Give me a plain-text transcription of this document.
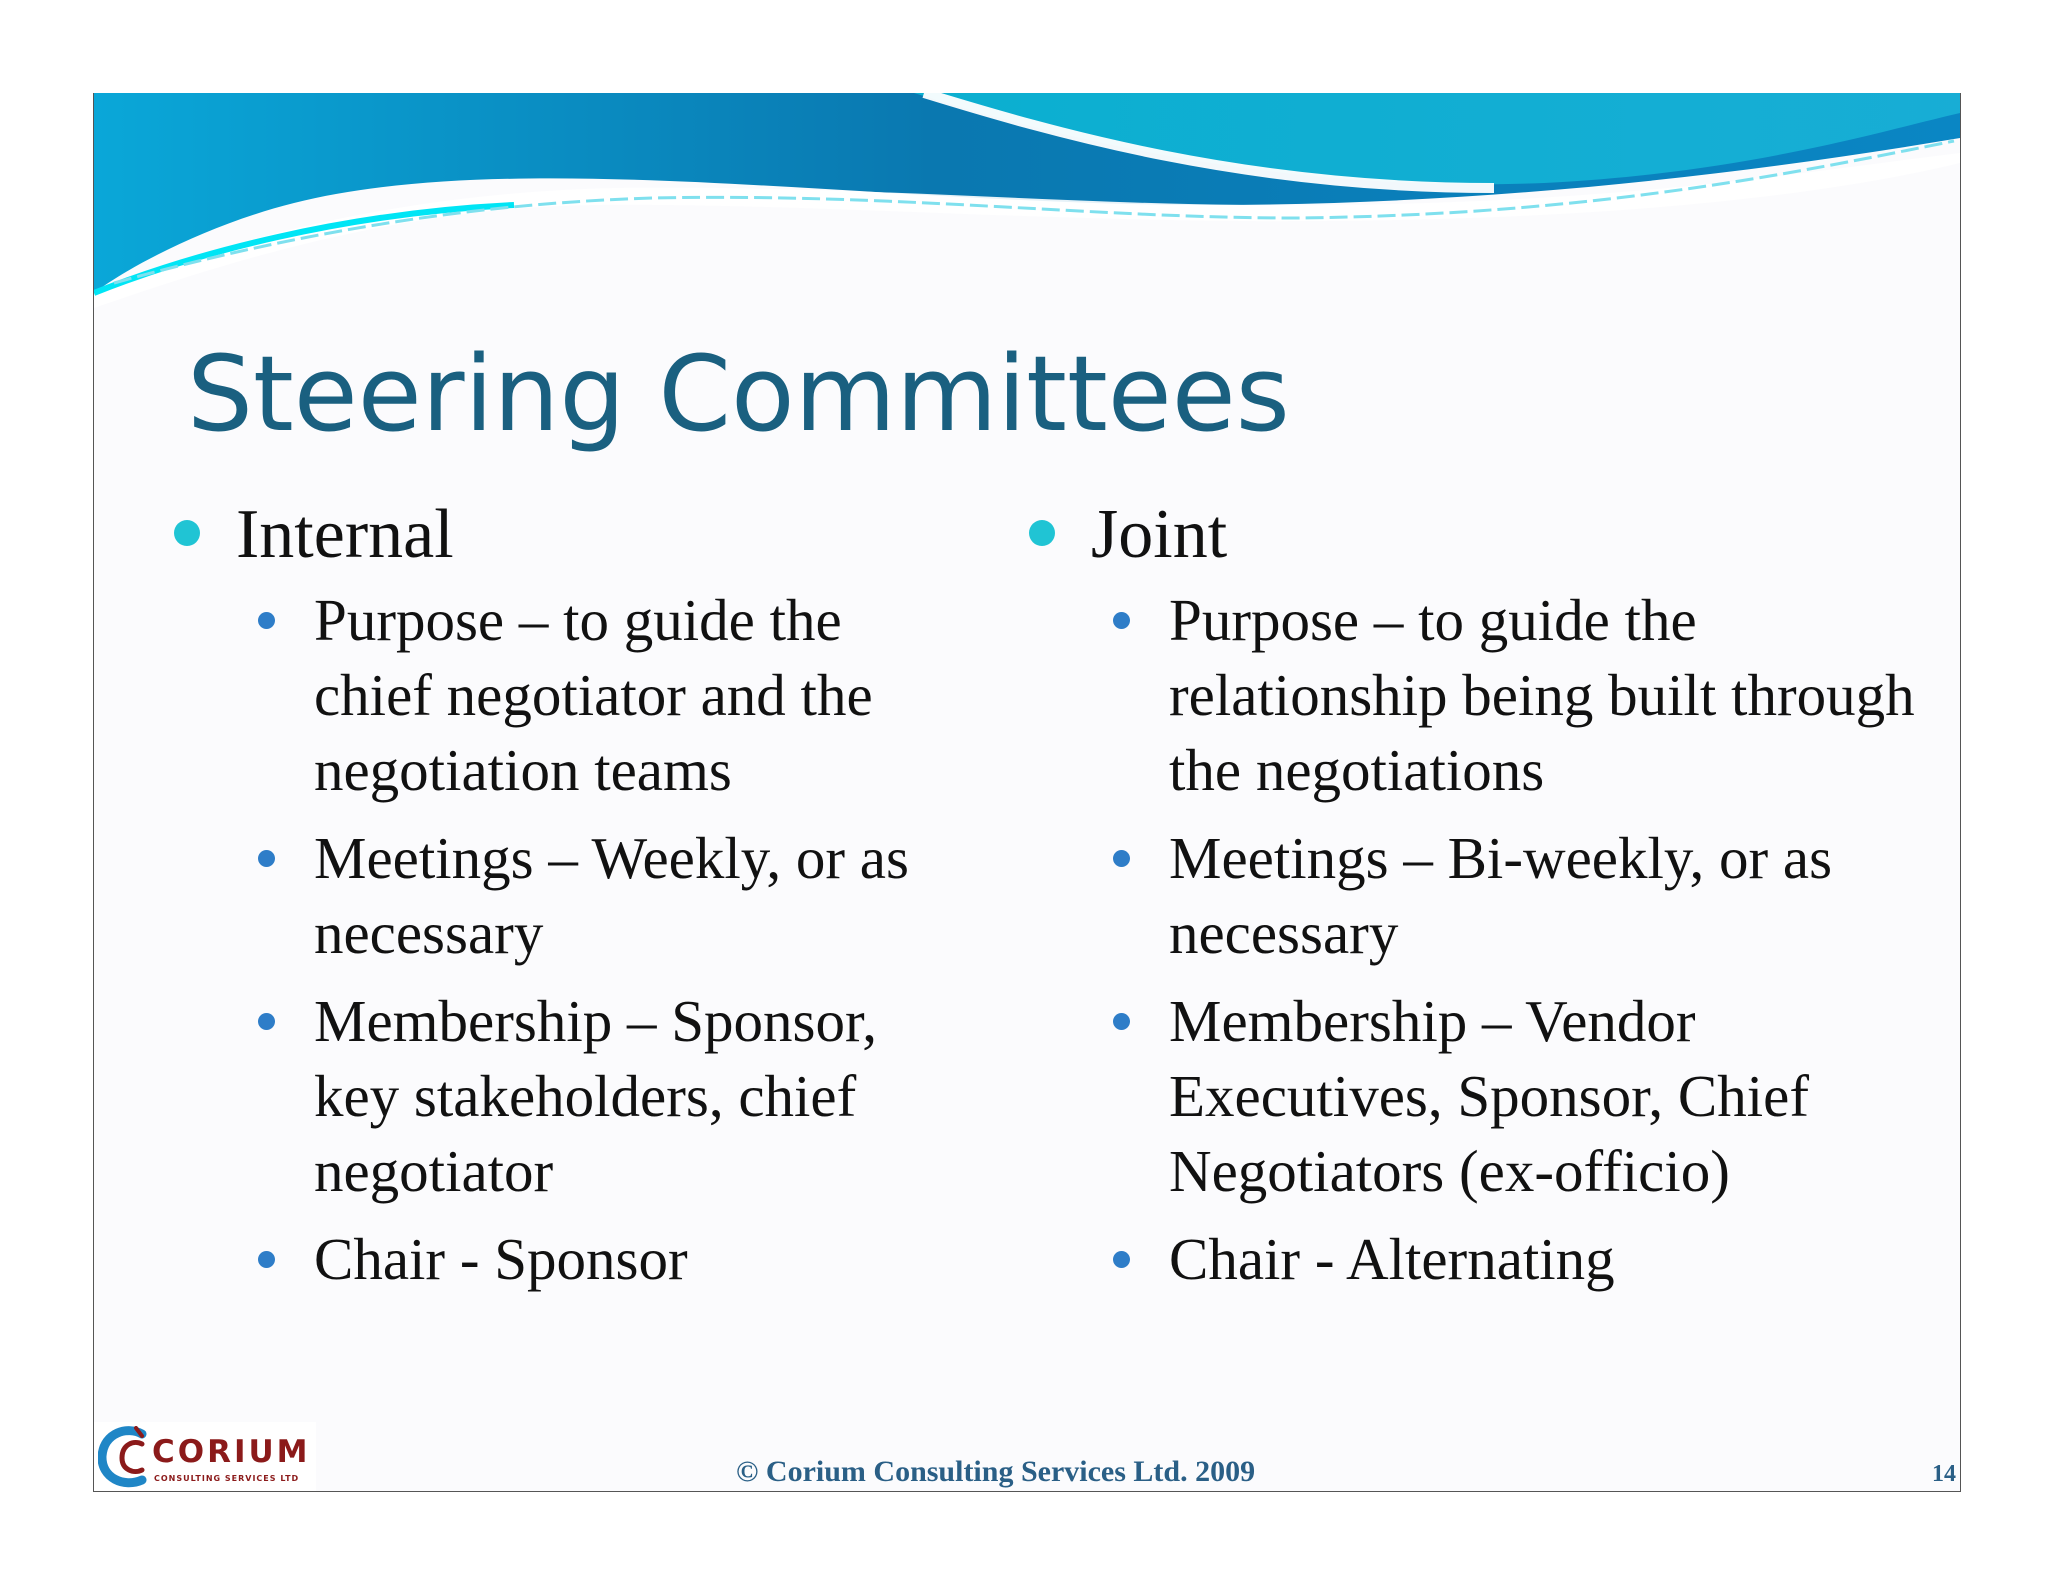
Steering Committees
Internal
Purpose – to guide the chief negotiator and the negotiation teams
Meetings – Weekly, or as necessary
Membership – Sponsor, key stakeholders, chief negotiator
Chair - Sponsor
Joint
Purpose – to guide the relationship being built through the negotiations
Meetings – Bi-weekly, or as necessary
Membership – Vendor Executives, Sponsor, Chief Negotiators (ex-officio)
Chair - Alternating
CORIUM
CONSULTING SERVICES LTD	© Corium Consulting Services Ltd. 2009	14
